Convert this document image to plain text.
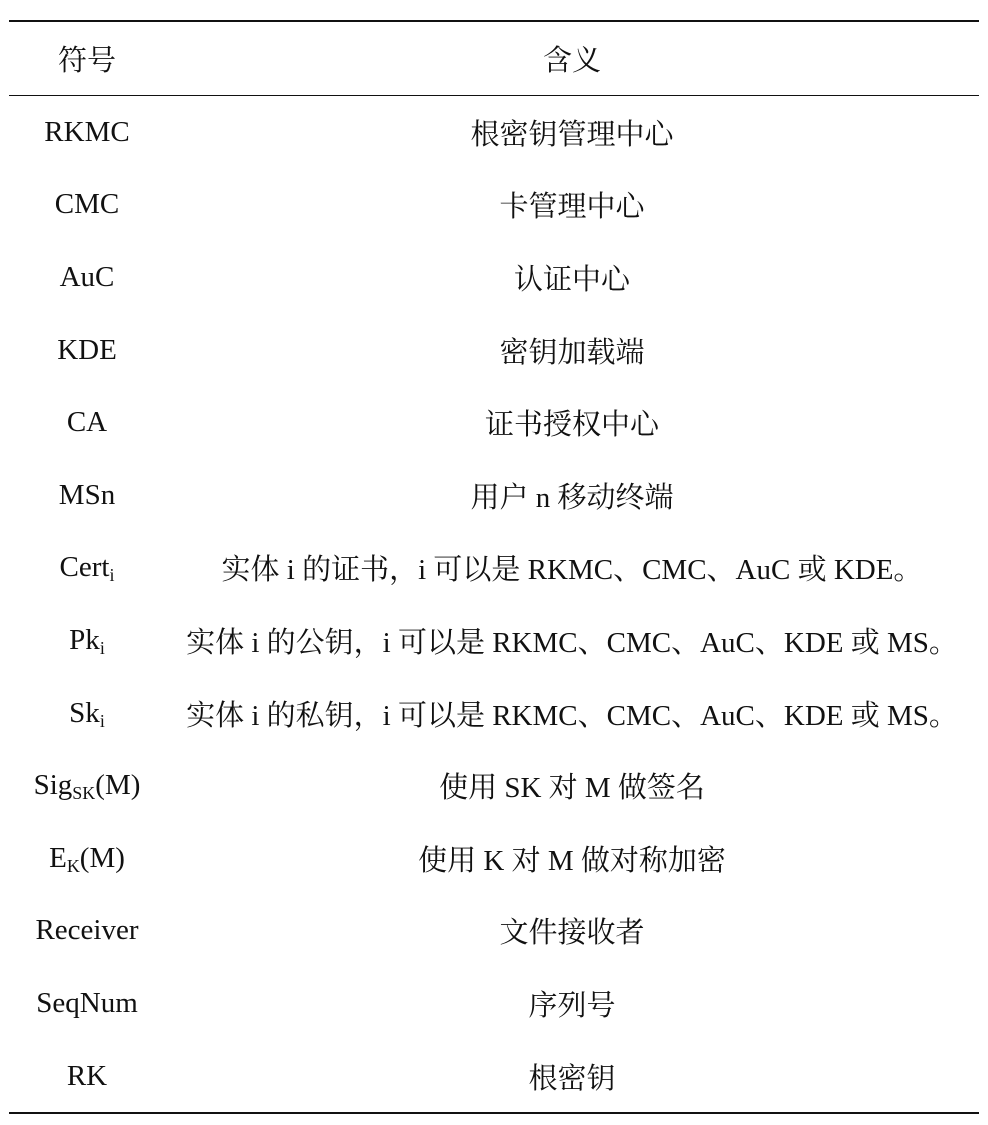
符号	含义
RKMC	根密钥管理中心
CMC	卡管理中心
AuC	认证中心
KDE	密钥加载端
CA	证书授权中心
MSn	用户 n 移动终端
Cert$_i$	实体 i 的证书，i 可以是 RKMC、CMC、AuC 或 KDE。
$Pk_i$	实体 i 的公钥，i 可以是 RKMC、CMC、AuC、KDE 或 MS。
$Sk_i$	实体 i 的私钥，i 可以是 RKMC、CMC、AuC、KDE 或 MS。
Sig$_{SK}$(M)	使用 SK 对 M 做签名
$E_K(M)$	使用 K 对 M 做对称加密
Receiver	文件接收者
SeqNum	序列号
RK	根密钥
